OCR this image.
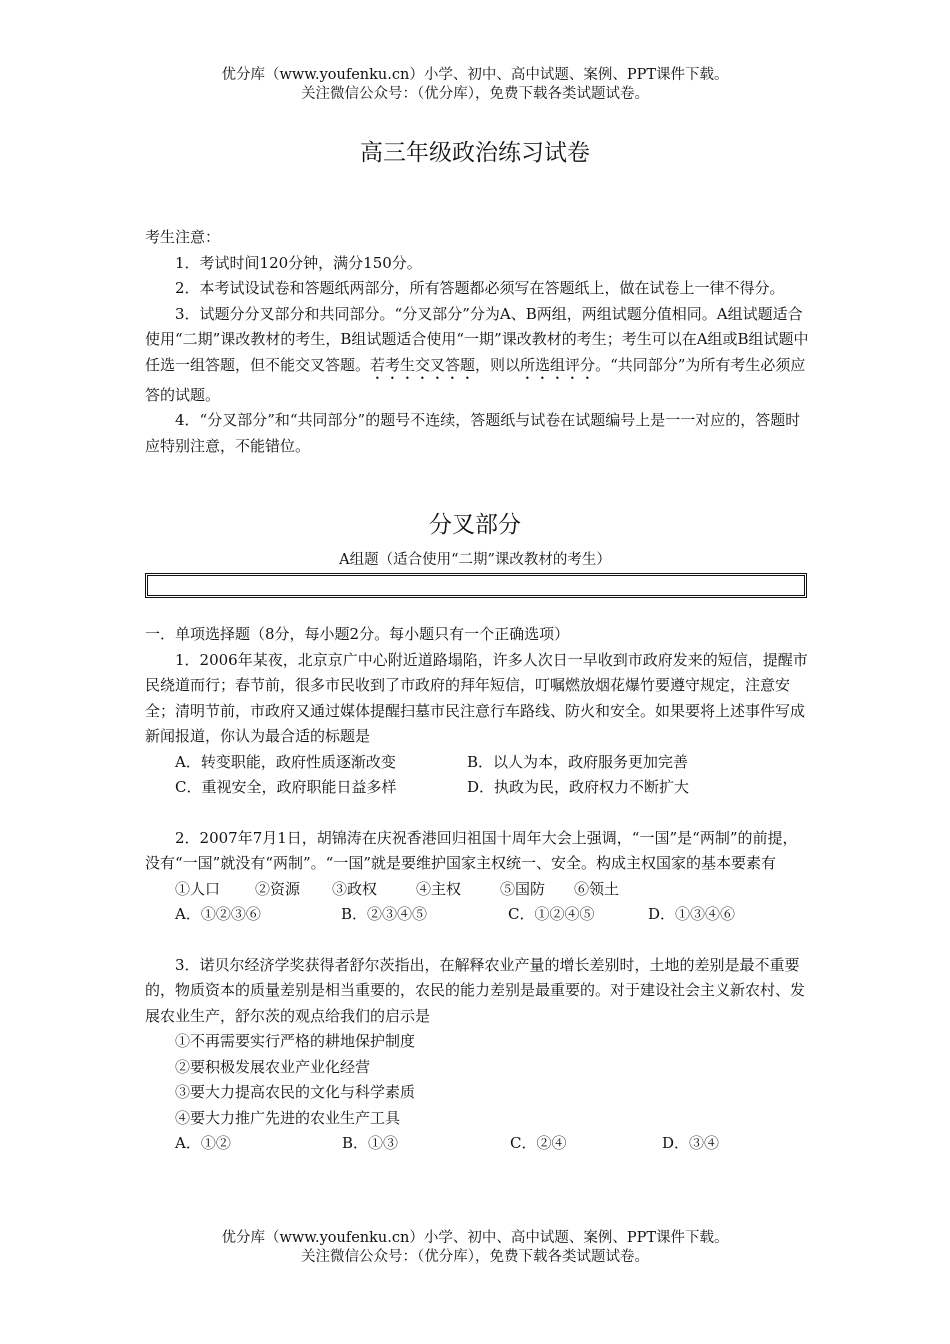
优分库（www.youfenku.cn）小学、初中、高中试题、案例、PPT课件下载。
关注微信公众号：（优分库），免费下载各类试题试卷。
高三年级政治练习试卷
考生注意：
1．考试时间120分钟，满分150分。
2．本考试设试卷和答题纸两部分，所有答题都必须写在答题纸上，做在试卷上一律不得分。
3．试题分分叉部分和共同部分。“分叉部分”分为A、B两组，两组试题分值相同。A组试题适合使用“二期”课改教材的考生，B组试题适合使用“一期”课改教材的考生；考生可以在A组或B组试题中任选一组答题，但不能交叉答题。若考生交叉答题，则以所选组评分。“共同部分”为所有考生必须应答的试题。
4．“分叉部分”和“共同部分”的题号不连续，答题纸与试卷在试题编号上是一一对应的，答题时应特别注意，不能错位。
分叉部分
A组题（适合使用“二期”课改教材的考生）
一．单项选择题（8分，每小题2分。每小题只有一个正确选项）
1．2006年某夜，北京京广中心附近道路塌陷，许多人次日一早收到市政府发来的短信，提醒市民绕道而行；春节前，很多市民收到了市政府的拜年短信，叮嘱燃放烟花爆竹要遵守规定，注意安全；清明节前，市政府又通过媒体提醒扫墓市民注意行车路线、防火和安全。如果要将上述事件写成新闻报道，你认为最合适的标题是
A．转变职能，政府性质逐渐改变	B．以人为本，政府服务更加完善
C．重视安全，政府职能日益多样	D．执政为民，政府权力不断扩大
2．2007年7月1日，胡锦涛在庆祝香港回归祖国十周年大会上强调，“一国”是“两制”的前提，没有“一国”就没有“两制”。“一国”就是要维护国家主权统一、安全。构成主权国家的基本要素有
①人口	②资源	③政权	④主权	⑤国防	⑥领土
A．①②③⑥	B．②③④⑤	C．①②④⑤	D．①③④⑥
3．诺贝尔经济学奖获得者舒尔茨指出，在解释农业产量的增长差别时，土地的差别是最不重要的，物质资本的质量差别是相当重要的，农民的能力差别是最重要的。对于建设社会主义新农村、发展农业生产，舒尔茨的观点给我们的启示是
①不再需要实行严格的耕地保护制度
②要积极发展农业产业化经营
③要大力提高农民的文化与科学素质
④要大力推广先进的农业生产工具
A．①②	B．①③	C．②④	D．③④
优分库（www.youfenku.cn）小学、初中、高中试题、案例、PPT课件下载。
关注微信公众号：（优分库），免费下载各类试题试卷。
